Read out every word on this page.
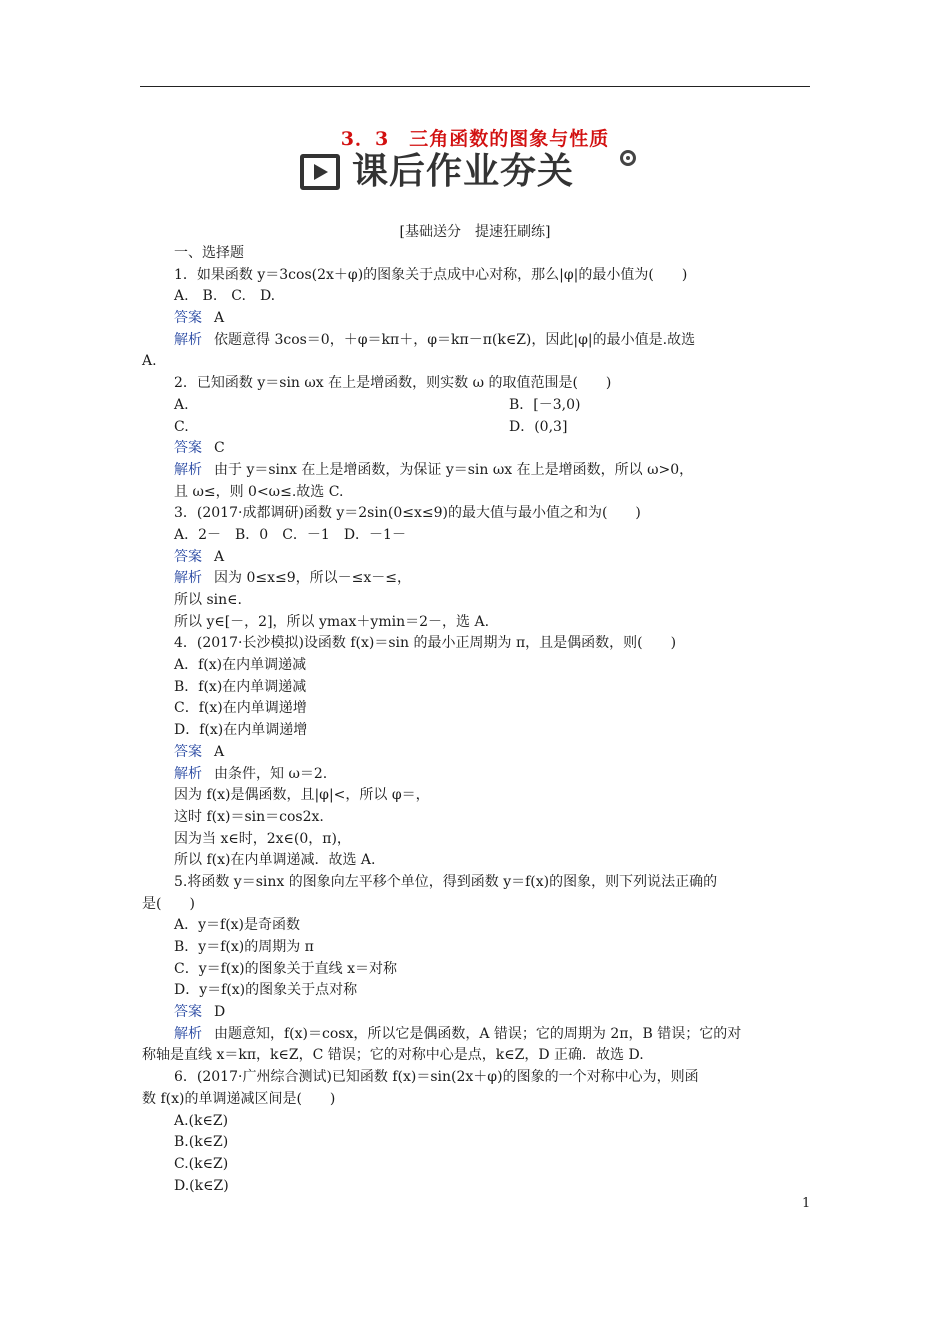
3．3　三角函数的图象与性质
课后作业夯关
[基础送分　提速狂刷练]
一、选择题
1．如果函数 y＝3cos(2x＋φ)的图象关于点成中心对称，那么|φ|的最小值为(　　)
A.　B.　C.　D.
答案 A
解析 依题意得 3cos＝0，＋φ＝kπ＋，φ＝kπ－π(k∈Z)，因此|φ|的最小值是.故选
A.
2．已知函数 y＝sin ωx 在上是增函数，则实数 ω 的取值范围是(　　)
A.	B．[－3,0)
C.	D．(0,3]
答案 C
解析 由于 y＝sinx 在上是增函数，为保证 y＝sin ωx 在上是增函数，所以 ω>0，
且 ω≤，则 0<ω≤.故选 C.
3．(2017·成都调研)函数 y＝2sin(0≤x≤9)的最大值与最小值之和为(　　)
A．2－　B．0　C．－1　D．－1－
答案 A
解析 因为 0≤x≤9，所以－≤x－≤，
所以 sin∈.
所以 y∈[－，2]，所以 ymax＋ymin＝2－，选 A.
4．(2017·长沙模拟)设函数 f(x)＝sin 的最小正周期为 π，且是偶函数，则(　　)
A．f(x)在内单调递减
B．f(x)在内单调递减
C．f(x)在内单调递增
D．f(x)在内单调递增
答案 A
解析 由条件，知 ω＝2.
因为 f(x)是偶函数，且|φ|<，所以 φ＝，
这时 f(x)＝sin＝cos2x.
因为当 x∈时，2x∈(0，π)，
所以 f(x)在内单调递减．故选 A.
5.将函数 y＝sinx 的图象向左平移个单位，得到函数 y＝f(x)的图象，则下列说法正确的
是(　　)
A．y＝f(x)是奇函数
B．y＝f(x)的周期为 π
C．y＝f(x)的图象关于直线 x＝对称
D．y＝f(x)的图象关于点对称
答案 D
解析 由题意知，f(x)＝cosx，所以它是偶函数，A 错误；它的周期为 2π，B 错误；它的对
称轴是直线 x＝kπ，k∈Z，C 错误；它的对称中心是点，k∈Z，D 正确．故选 D.
6．(2017·广州综合测试)已知函数 f(x)＝sin(2x＋φ)的图象的一个对称中心为，则函
数 f(x)的单调递减区间是(　　)
A.(k∈Z)
B.(k∈Z)
C.(k∈Z)
D.(k∈Z)
1
